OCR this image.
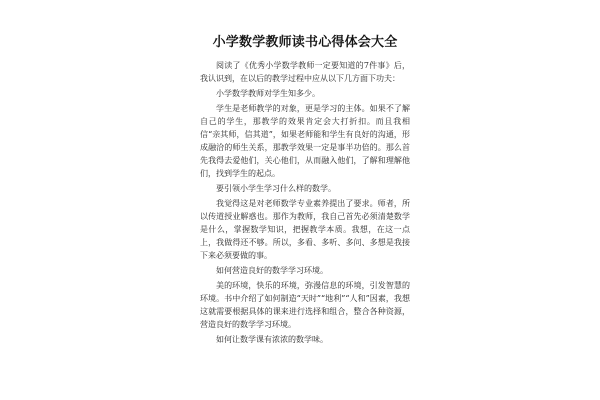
小学数学教师读书心得体会大全

阅读了《优秀小学数学教师一定要知道的7件事》后，我认识到，在以后的教学过程中应从以下几方面下功夫：

小学数学教师对学生知多少。

学生是老师教学的对象，更是学习的主体。如果不了解自己的学生，那教学的效果肯定会大打折扣。而且我相信“亲其师，信其道”，如果老师能和学生有良好的沟通，形成融洽的师生关系，那教学效果一定是事半功倍的。那么首先我得去爱他们，关心他们，从而融入他们，了解和理解他们，找到学生的起点。

要引领小学生学习什么样的数学。

我觉得这是对老师数学专业素养提出了要求。师者，所以传道授业解惑也。那作为教师，我自己首先必须清楚数学是什么，掌握数学知识，把握教学本质。我想，在这一点上，我做得还不够。所以，多看、多听、多问、多想是我接下来必须要做的事。

如何营造良好的数学学习环境。

美的环境，快乐的环境，弥漫信息的环境，引发智慧的环境。书中介绍了如何制造“天时”“地利”“人和”因素，我想这就需要根据具体的课来进行选择和组合，整合各种资源，营造良好的数学学习环境。

如何让数学课有浓浓的数学味。
